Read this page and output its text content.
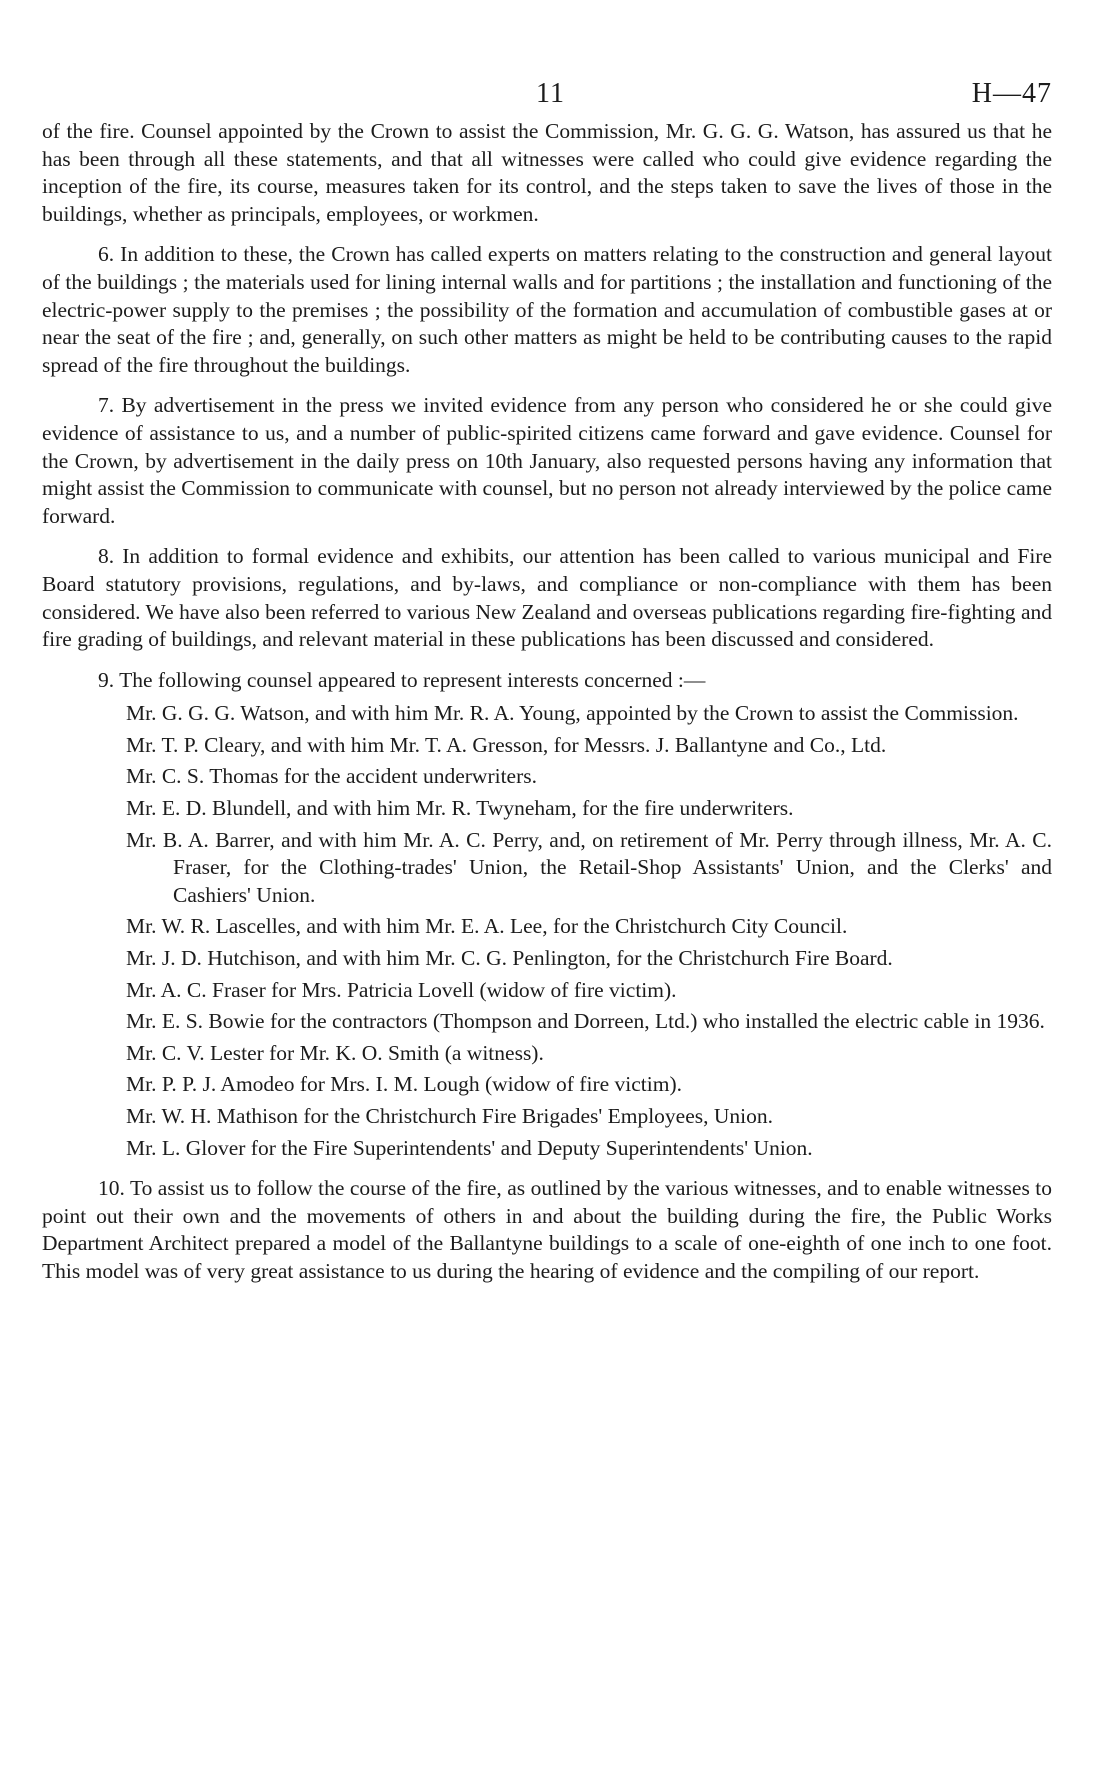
11	H—47

of the fire. Counsel appointed by the Crown to assist the Commission, Mr. G. G. G. Watson, has assured us that he has been through all these statements, and that all witnesses were called who could give evidence regarding the inception of the fire, its course, measures taken for its control, and the steps taken to save the lives of those in the buildings, whether as principals, employees, or workmen.

6. In addition to these, the Crown has called experts on matters relating to the construction and general layout of the buildings ; the materials used for lining internal walls and for partitions ; the installation and functioning of the electric-power supply to the premises ; the possibility of the formation and accumulation of combustible gases at or near the seat of the fire ; and, generally, on such other matters as might be held to be contributing causes to the rapid spread of the fire throughout the buildings.

7. By advertisement in the press we invited evidence from any person who considered he or she could give evidence of assistance to us, and a number of public-spirited citizens came forward and gave evidence. Counsel for the Crown, by advertisement in the daily press on 10th January, also requested persons having any information that might assist the Commission to communicate with counsel, but no person not already interviewed by the police came forward.

8. In addition to formal evidence and exhibits, our attention has been called to various municipal and Fire Board statutory provisions, regulations, and by-laws, and compliance or non-compliance with them has been considered. We have also been referred to various New Zealand and overseas publications regarding fire-fighting and fire grading of buildings, and relevant material in these publications has been discussed and considered.

9. The following counsel appeared to represent interests concerned :—

Mr. G. G. G. Watson, and with him Mr. R. A. Young, appointed by the Crown to assist the Commission.
Mr. T. P. Cleary, and with him Mr. T. A. Gresson, for Messrs. J. Ballantyne and Co., Ltd.
Mr. C. S. Thomas for the accident underwriters.
Mr. E. D. Blundell, and with him Mr. R. Twyneham, for the fire underwriters.
Mr. B. A. Barrer, and with him Mr. A. C. Perry, and, on retirement of Mr. Perry through illness, Mr. A. C. Fraser, for the Clothing-trades' Union, the Retail-Shop Assistants' Union, and the Clerks' and Cashiers' Union.
Mr. W. R. Lascelles, and with him Mr. E. A. Lee, for the Christchurch City Council.
Mr. J. D. Hutchison, and with him Mr. C. G. Penlington, for the Christchurch Fire Board.
Mr. A. C. Fraser for Mrs. Patricia Lovell (widow of fire victim).
Mr. E. S. Bowie for the contractors (Thompson and Dorreen, Ltd.) who installed the electric cable in 1936.
Mr. C. V. Lester for Mr. K. O. Smith (a witness).
Mr. P. P. J. Amodeo for Mrs. I. M. Lough (widow of fire victim).
Mr. W. H. Mathison for the Christchurch Fire Brigades' Employees, Union.
Mr. L. Glover for the Fire Superintendents' and Deputy Superintendents' Union.

10. To assist us to follow the course of the fire, as outlined by the various witnesses, and to enable witnesses to point out their own and the movements of others in and about the building during the fire, the Public Works Department Architect prepared a model of the Ballantyne buildings to a scale of one-eighth of one inch to one foot. This model was of very great assistance to us during the hearing of evidence and the compiling of our report.
